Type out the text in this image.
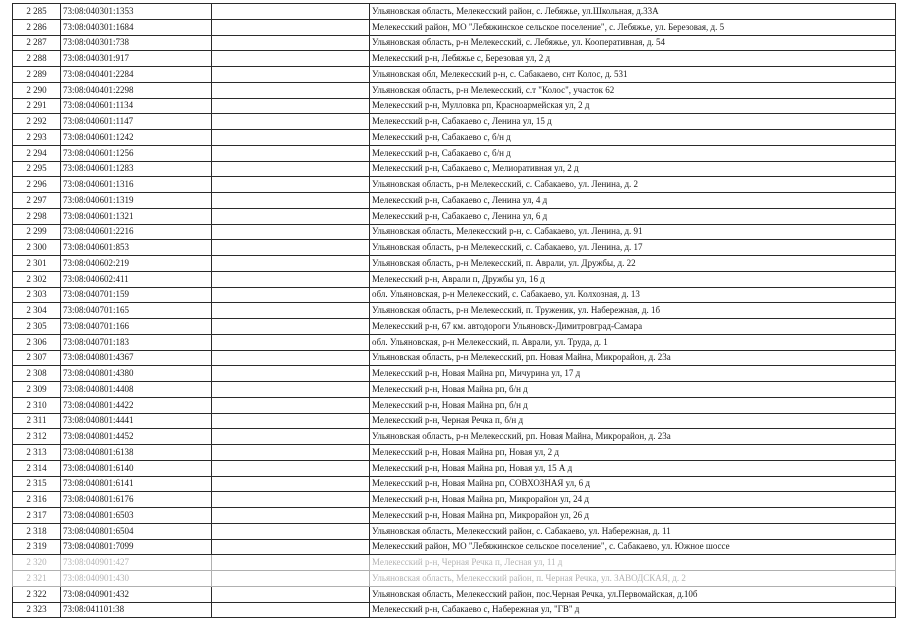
2 285	73:08:040301:1353		Ульяновская область, Мелекесский район, с. Лебяжье, ул.Школьная, д.33А
2 286	73:08:040301:1684		Мелекесский район, МО "Лебяжинское сельское поселение", с. Лебяжье, ул. Березовая, д. 5
2 287	73:08:040301:738		Ульяновская область, р-н Мелекесский, с. Лебяжье, ул. Кооперативная, д. 54
2 288	73:08:040301:917		Мелекесский р-н, Лебяжье с, Березовая ул, 2 д
2 289	73:08:040401:2284		Ульяновская обл, Мелекесский р-н, с. Сабакаево, снт Колос, д. 531
2 290	73:08:040401:2298		Ульяновская область, р-н Мелекесский, с.т "Колос", участок 62
2 291	73:08:040601:1134		Мелекесский р-н, Мулловка рп, Красноармейская ул, 2 д
2 292	73:08:040601:1147		Мелекесский р-н, Сабакаево с, Ленина ул, 15 д
2 293	73:08:040601:1242		Мелекесский р-н, Сабакаево с, б/н д
2 294	73:08:040601:1256		Мелекесский р-н, Сабакаево с, б/н д
2 295	73:08:040601:1283		Мелекесский р-н, Сабакаево с, Мелиоративная ул, 2 д
2 296	73:08:040601:1316		Ульяновская область, р-н Мелекесский, с. Сабакаево, ул. Ленина, д. 2
2 297	73:08:040601:1319		Мелекесский р-н, Сабакаево с, Ленина ул, 4 д
2 298	73:08:040601:1321		Мелекесский р-н, Сабакаево с, Ленина ул, 6 д
2 299	73:08:040601:2216		Ульяновская область, Мелекесский р-н, с. Сабакаево, ул. Ленина, д. 91
2 300	73:08:040601:853		Ульяновская область, р-н Мелекесский, с. Сабакаево, ул. Ленина, д. 17
2 301	73:08:040602:219		Ульяновская область, р-н Мелекесский, п. Аврали, ул. Дружбы, д. 22
2 302	73:08:040602:411		Мелекесский р-н, Аврали п, Дружбы ул, 16 д
2 303	73:08:040701:159		обл. Ульяновская, р-н Мелекесский, с. Сабакаево, ул. Колхозная, д. 13
2 304	73:08:040701:165		Ульяновская область, р-н Мелекесский, п. Труженик, ул. Набережная, д. 1б
2 305	73:08:040701:166		Мелекесский р-н, 67 км. автодороги Ульяновск-Димитровград-Самара
2 306	73:08:040701:183		обл. Ульяновская, р-н Мелекесский, п. Аврали, ул. Труда, д. 1
2 307	73:08:040801:4367		Ульяновская область, р-н Мелекесский, рп. Новая Майна, Микрорайон, д. 23а
2 308	73:08:040801:4380		Мелекесский р-н, Новая Майна рп, Мичурина ул, 17 д
2 309	73:08:040801:4408		Мелекесский р-н, Новая Майна рп, б/н д
2 310	73:08:040801:4422		Мелекесский р-н, Новая Майна рп, б/н д
2 311	73:08:040801:4441		Мелекесский р-н, Черная Речка п, б/н д
2 312	73:08:040801:4452		Ульяновская область, р-н Мелекесский, рп. Новая Майна, Микрорайон, д. 23а
2 313	73:08:040801:6138		Мелекесский р-н, Новая Майна рп, Новая ул, 2 д
2 314	73:08:040801:6140		Мелекесский р-н, Новая Майна рп, Новая ул, 15 А д
2 315	73:08:040801:6141		Мелекесский р-н, Новая Майна рп, СОВХОЗНАЯ ул, 6 д
2 316	73:08:040801:6176		Мелекесский р-н, Новая Майна рп, Микрорайон ул, 24 д
2 317	73:08:040801:6503		Мелекесский р-н, Новая Майна рп, Микрорайон ул, 26 д
2 318	73:08:040801:6504		Ульяновская область, Мелекесский район, с. Сабакаево, ул. Набережная, д. 11
2 319	73:08:040801:7099		Мелекесский район, МО "Лебяжинское сельское поселение", с. Сабакаево, ул. Южное шоссе
2 320	73:08:040901:427		Мелекесский р-н, Черная Речка п, Лесная ул, 11 д
2 321	73:08:040901:430		Ульяновская область, Мелекесский район, п. Черная Речка, ул. ЗАВОДСКАЯ, д. 2
2 322	73:08:040901:432		Ульяновская область, Мелекесский район, пос.Черная Речка, ул.Первомайская, д.10б
2 323	73:08:041101:38		Мелекесский р-н, Сабакаево с, Набережная ул, "ГВ" д
